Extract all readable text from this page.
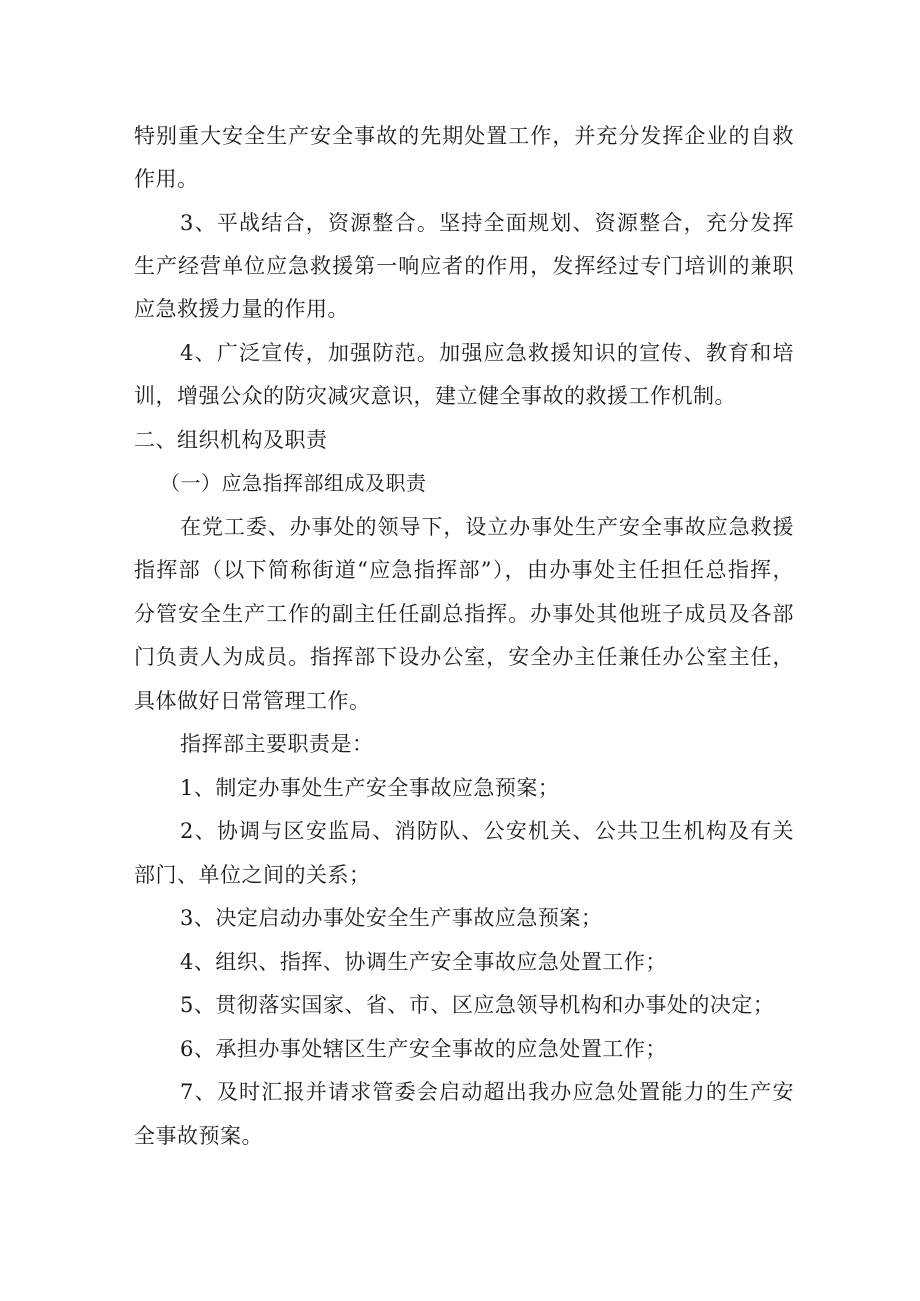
特别重大安全生产安全事故的先期处置工作，并充分发挥企业的自救
作用。
3、平战结合，资源整合。坚持全面规划、资源整合，充分发挥
生产经营单位应急救援第一响应者的作用，发挥经过专门培训的兼职
应急救援力量的作用。
4、广泛宣传，加强防范。加强应急救援知识的宣传、教育和培
训，增强公众的防灾减灾意识，建立健全事故的救援工作机制。
二、组织机构及职责
（一）应急指挥部组成及职责
在党工委、办事处的领导下，设立办事处生产安全事故应急救援
指挥部（以下简称街道“应急指挥部”），由办事处主任担任总指挥，
分管安全生产工作的副主任任副总指挥。办事处其他班子成员及各部
门负责人为成员。指挥部下设办公室，安全办主任兼任办公室主任，
具体做好日常管理工作。
指挥部主要职责是：
1、制定办事处生产安全事故应急预案；
2、协调与区安监局、消防队、公安机关、公共卫生机构及有关
部门、单位之间的关系；
3、决定启动办事处安全生产事故应急预案；
4、组织、指挥、协调生产安全事故应急处置工作；
5、贯彻落实国家、省、市、区应急领导机构和办事处的决定；
6、承担办事处辖区生产安全事故的应急处置工作；
7、及时汇报并请求管委会启动超出我办应急处置能力的生产安
全事故预案。
